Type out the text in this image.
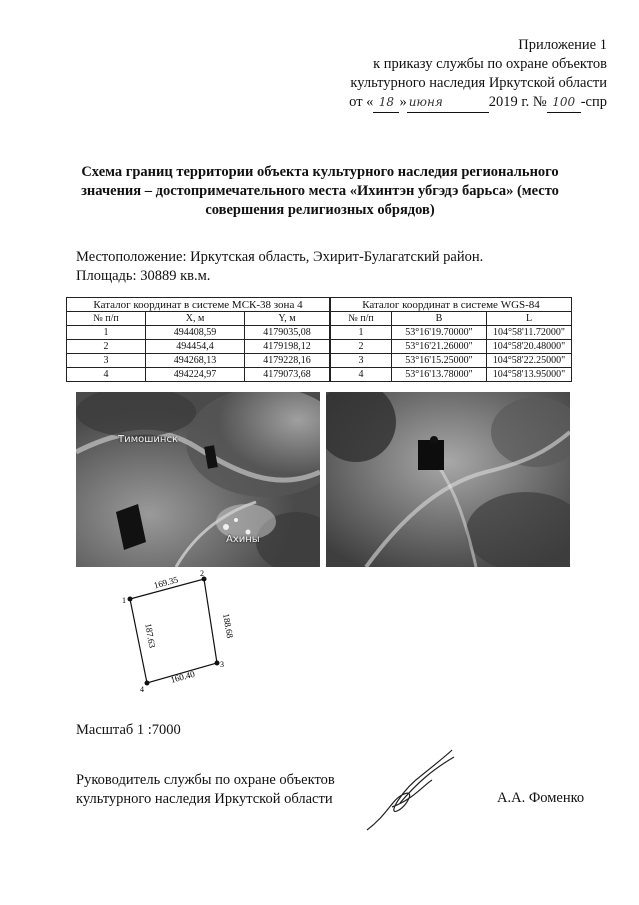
Приложение 1
к приказу службы по охране объектов
культурного наследия Иркутской области
от « 18 » июня	2019 г. № 100 -спр
Схема границ территории объекта культурного наследия регионального
значения – достопримечательного места «Ихинтэн убгэдэ барьса» (место
совершения религиозных обрядов)
Местоположение: Иркутская область, Эхирит-Булагатский район.
Площадь: 30889 кв.м.
Каталог координат в системе МСК-38 зона 4		
№ п/п	X, м	Y, м
1	494408,59	4179035,08
2	494454,4	4179198,12
3	494268,13	4179228,16
4	494224,97	4179073,68
Каталог координат в системе WGS-84		
№ п/п	B	L
1	53°16'19.70000"	104°58'11.72000"
2	53°16'21.26000"	104°58'20.48000"
3	53°16'15.25000"	104°58'22.25000"
4	53°16'13.78000"	104°58'13.95000"
Тимошинск
Ахины
1
2
3
4
169.35
188.68
160.40
187.63
Масштаб 1 :7000
Руководитель службы по охране объектов
культурного наследия Иркутской области	А.А. Фоменко
